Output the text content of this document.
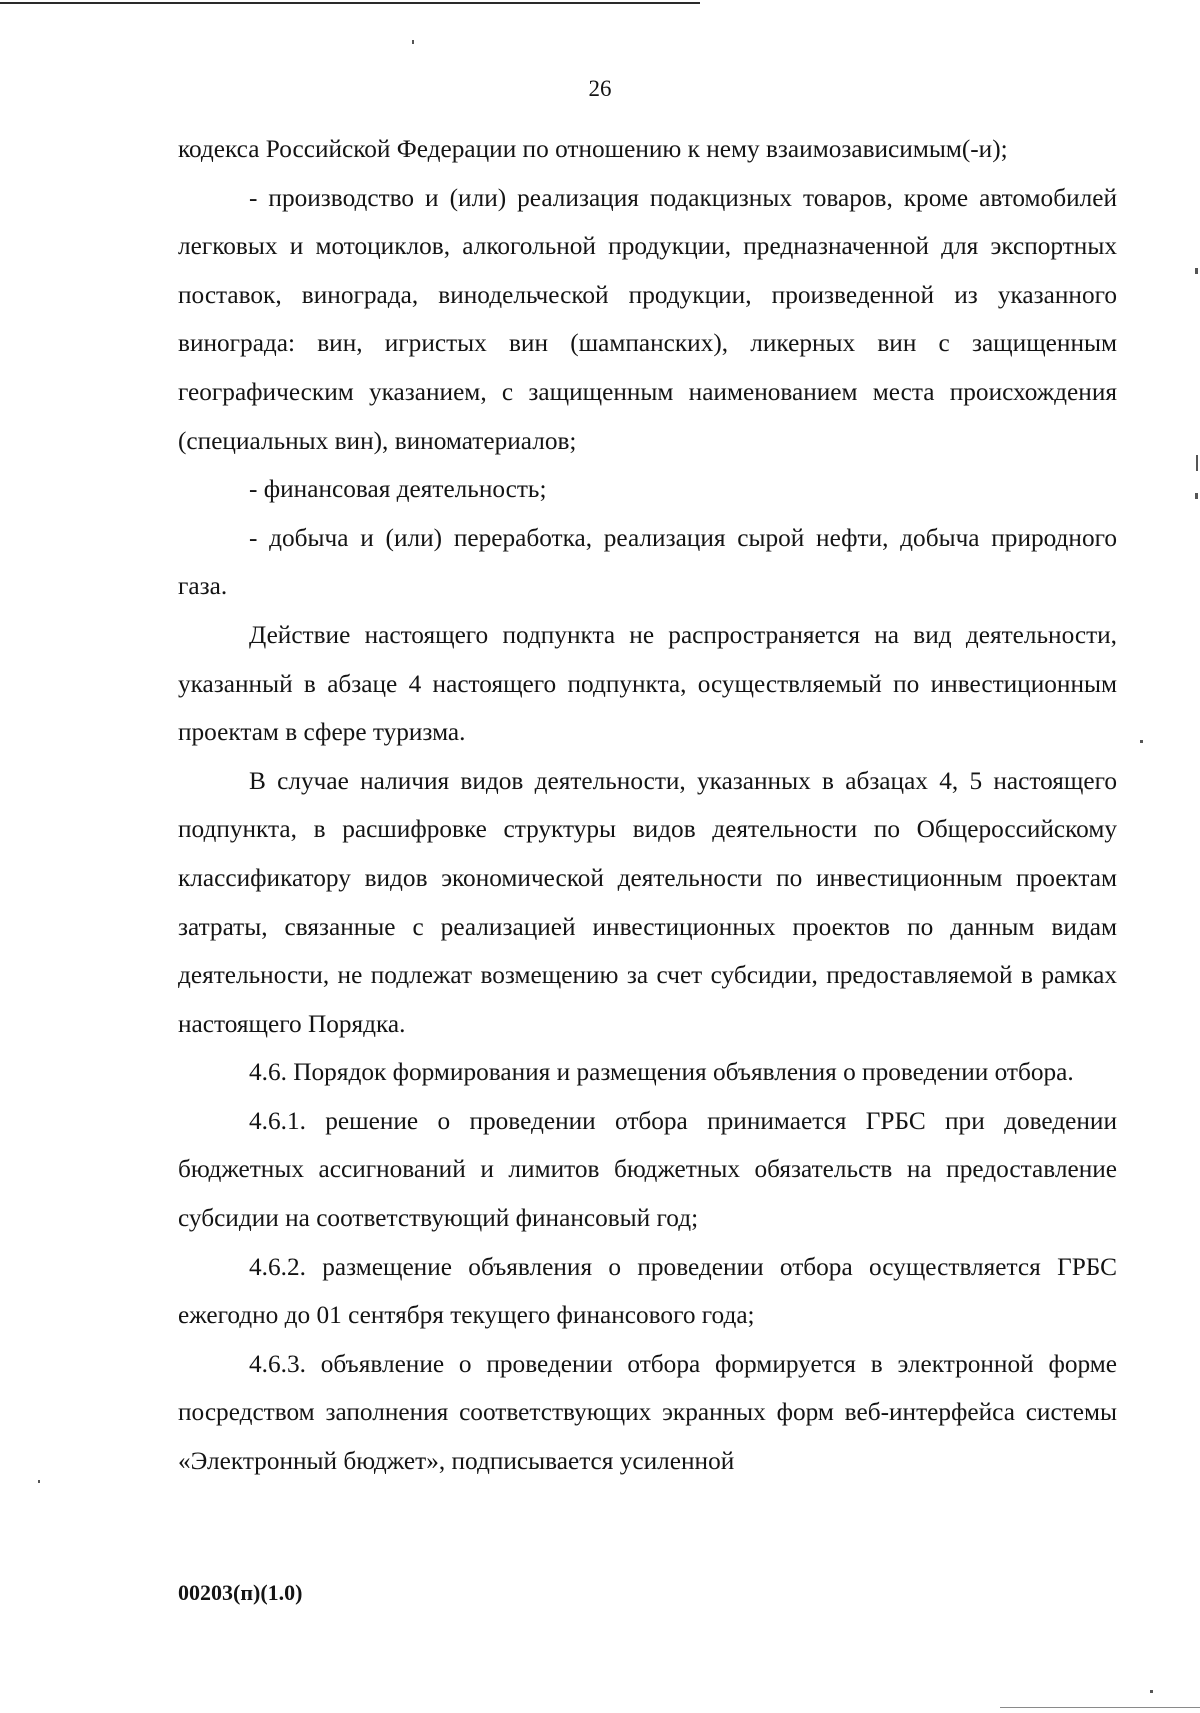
26

кодекса Российской Федерации по отношению к нему взаимозависимым(-и);

- производство и (или) реализация подакцизных товаров, кроме автомобилей легковых и мотоциклов, алкогольной продукции, предназначенной для экспортных поставок, винограда, винодельческой продукции, произведенной из указанного винограда: вин, игристых вин (шампанских), ликерных вин с защищенным географическим указанием, с защищенным наименованием места происхождения (специальных вин), виноматериалов;

- финансовая деятельность;

- добыча и (или) переработка, реализация сырой нефти, добыча природного газа.

Действие настоящего подпункта не распространяется на вид деятельности, указанный в абзаце 4 настоящего подпункта, осуществляемый по инвестиционным проектам в сфере туризма.

В случае наличия видов деятельности, указанных в абзацах 4, 5 настоящего подпункта, в расшифровке структуры видов деятельности по Общероссийскому классификатору видов экономической деятельности по инвестиционным проектам затраты, связанные с реализацией инвестиционных проектов по данным видам деятельности, не подлежат возмещению за счет субсидии, предоставляемой в рамках настоящего Порядка.

4.6. Порядок формирования и размещения объявления о проведении отбора.

4.6.1. решение о проведении отбора принимается ГРБС при доведении бюджетных ассигнований и лимитов бюджетных обязательств на предоставление субсидии на соответствующий финансовый год;

4.6.2. размещение объявления о проведении отбора осуществляется ГРБС ежегодно до 01 сентября текущего финансового года;

4.6.3. объявление о проведении отбора формируется в электронной форме посредством заполнения соответствующих экранных форм веб-интерфейса системы «Электронный бюджет», подписывается усиленной

00203(п)(1.0)
